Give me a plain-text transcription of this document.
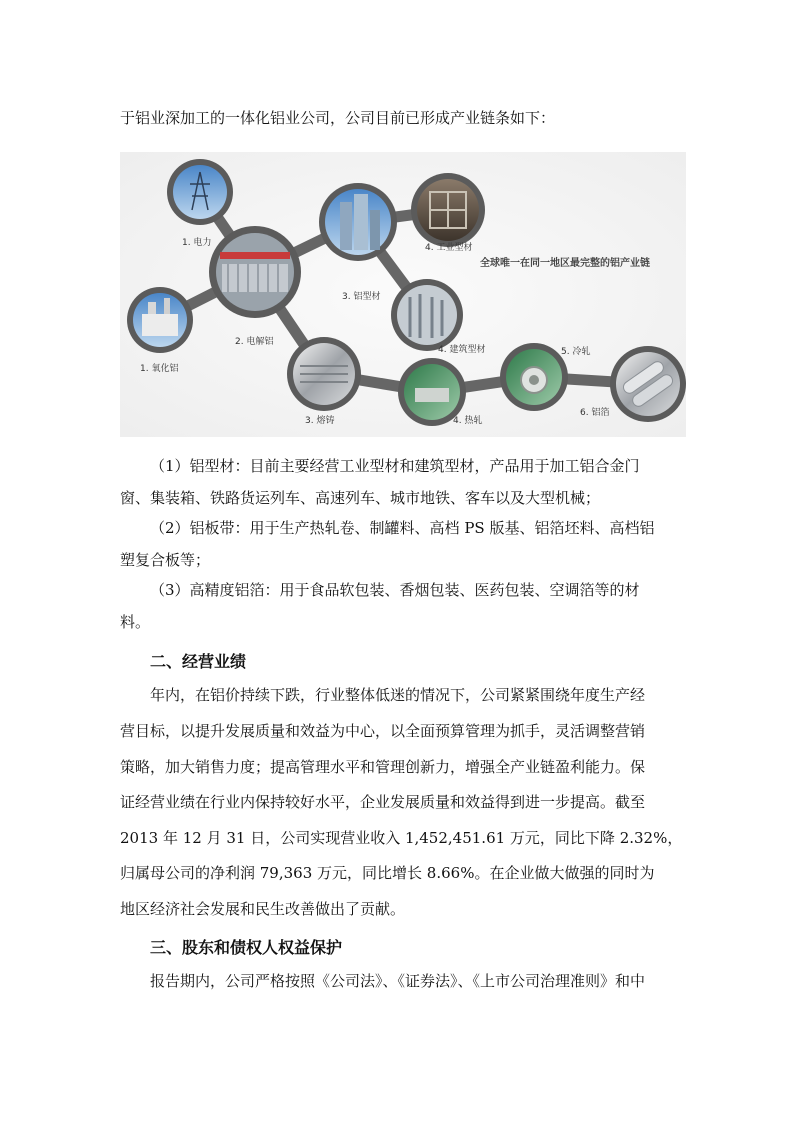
于铝业深加工的一体化铝业公司，公司目前已形成产业链条如下：
1. 电力
1. 氧化铝
2. 电解铝
3. 铝型材
4. 工业型材
4. 建筑型材
3. 熔铸	4. 热轧
5. 冷轧
6. 铝箔
全球唯一在同一地区最完整的铝产业链
（1）铝型材：目前主要经营工业型材和建筑型材，产品用于加工铝合金门
窗、集装箱、铁路货运列车、高速列车、城市地铁、客车以及大型机械；
（2）铝板带：用于生产热轧卷、制罐料、高档 PS 版基、铝箔坯料、高档铝
塑复合板等；
（3）高精度铝箔：用于食品软包装、香烟包装、医药包装、空调箔等的材
料。
二、经营业绩
年内，在铝价持续下跌，行业整体低迷的情况下，公司紧紧围绕年度生产经
营目标，以提升发展质量和效益为中心，以全面预算管理为抓手，灵活调整营销
策略，加大销售力度；提高管理水平和管理创新力，增强全产业链盈利能力。保
证经营业绩在行业内保持较好水平，企业发展质量和效益得到进一步提高。截至
2013 年 12 月 31 日，公司实现营业收入 1,452,451.61 万元，同比下降 2.32%，
归属母公司的净利润 79,363 万元，同比增长 8.66%。在企业做大做强的同时为
地区经济社会发展和民生改善做出了贡献。
三、股东和债权人权益保护
报告期内，公司严格按照《公司法》、《证券法》、《上市公司治理准则》和中
